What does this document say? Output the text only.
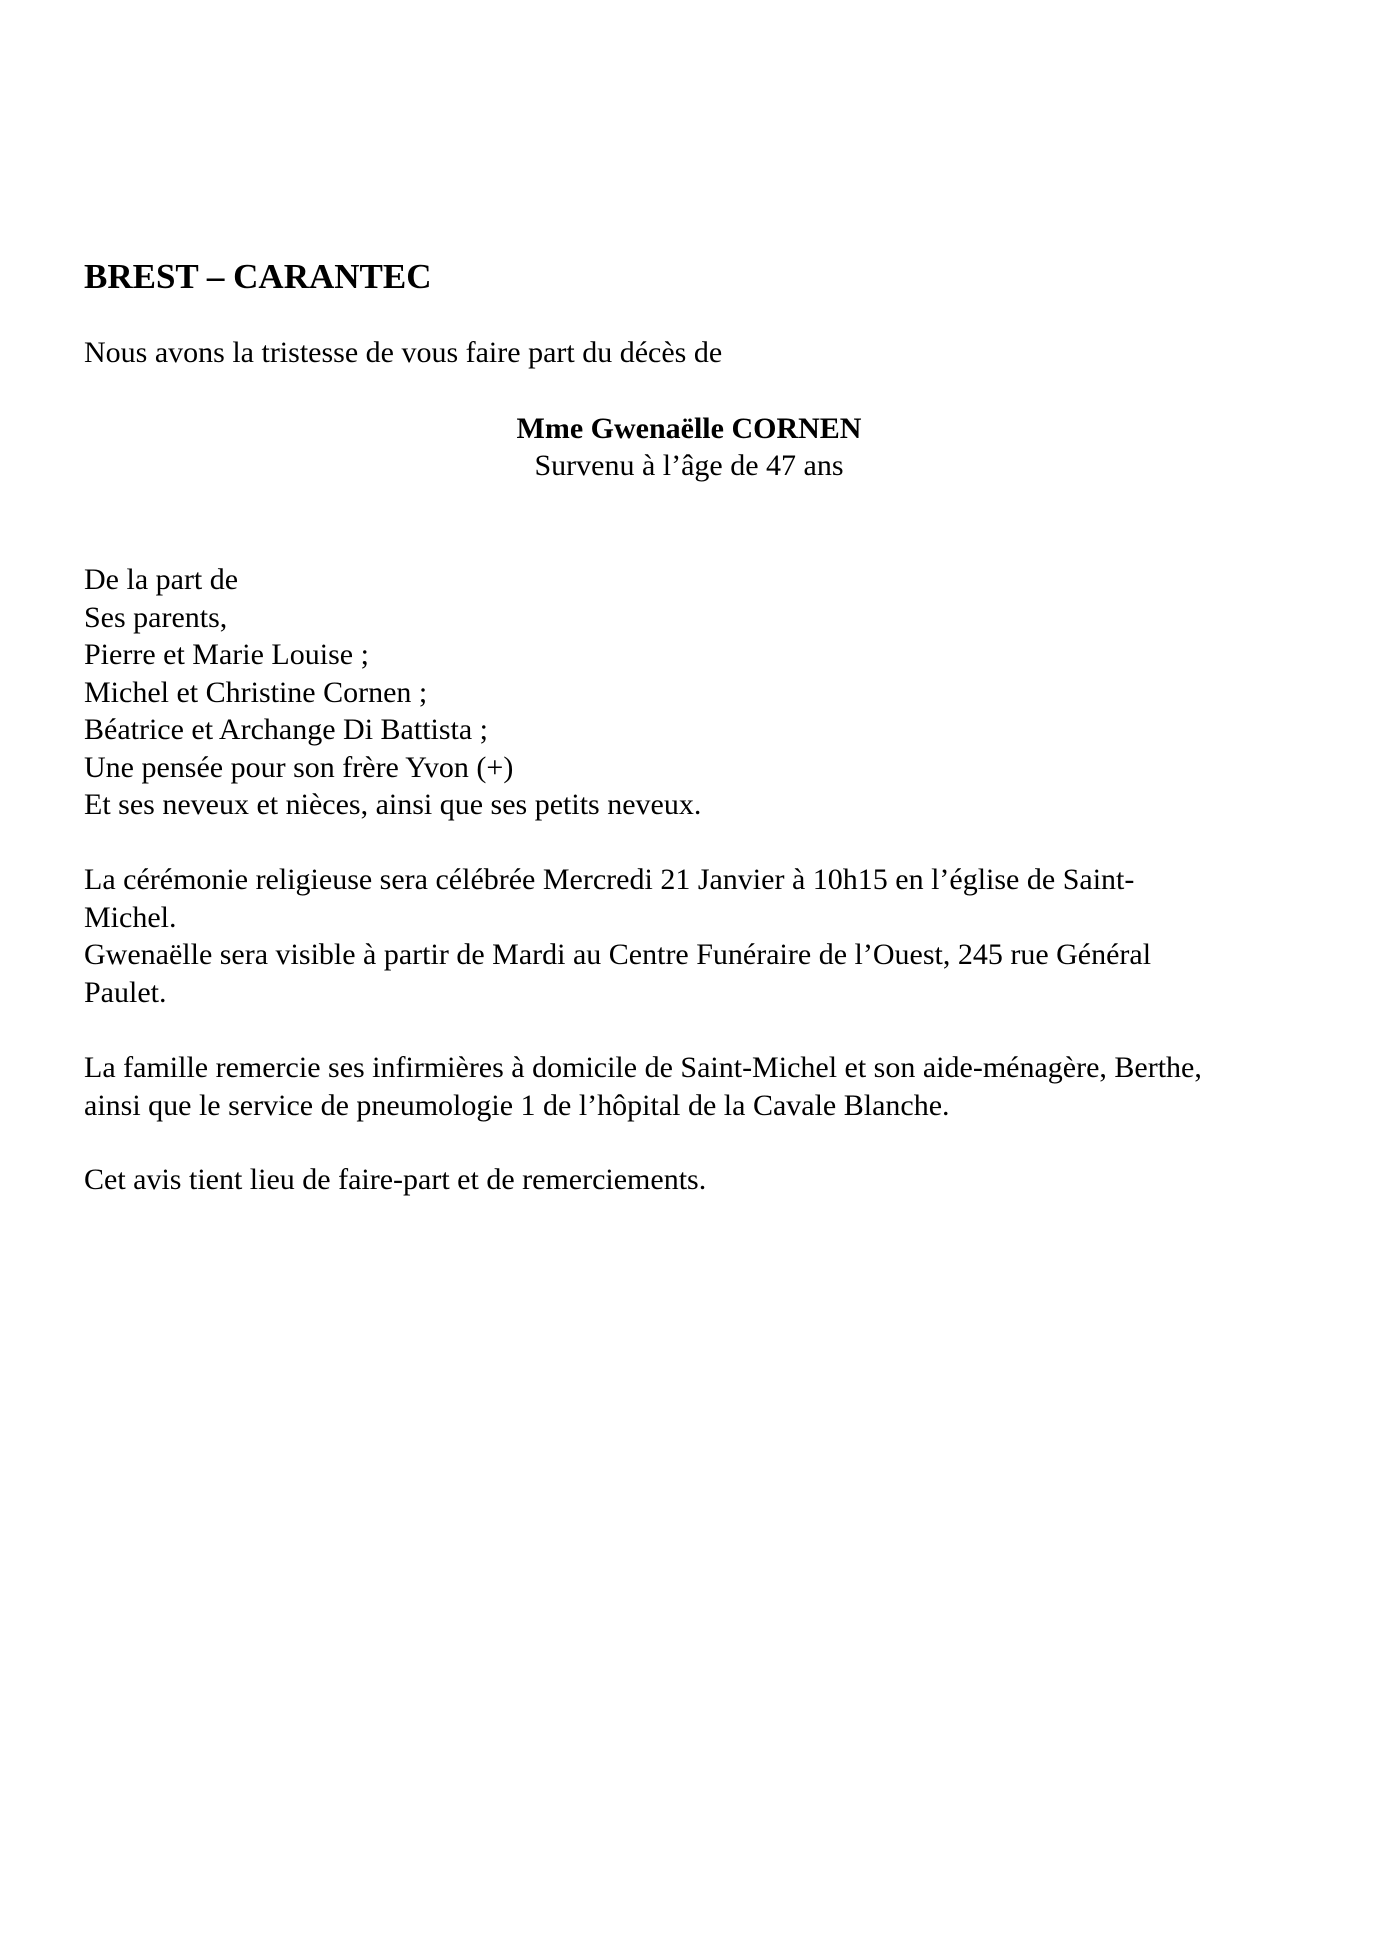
BREST – CARANTEC
Nous avons la tristesse de vous faire part du décès de
Mme Gwenaëlle CORNEN
Survenu à l’âge de 47 ans
De la part de
Ses parents,
Pierre et Marie Louise ;
Michel et Christine Cornen ;
Béatrice et Archange Di Battista ;
Une pensée pour son frère Yvon (+)
Et ses neveux et nièces, ainsi que ses petits neveux.
La cérémonie religieuse sera célébrée Mercredi 21 Janvier à 10h15 en l’église de Saint-
Michel.
Gwenaëlle sera visible à partir de Mardi au Centre Funéraire de l’Ouest, 245 rue Général
Paulet.
La famille remercie ses infirmières à domicile de Saint-Michel et son aide-ménagère, Berthe,
ainsi que le service de pneumologie 1 de l’hôpital de la Cavale Blanche.
Cet avis tient lieu de faire-part et de remerciements.
